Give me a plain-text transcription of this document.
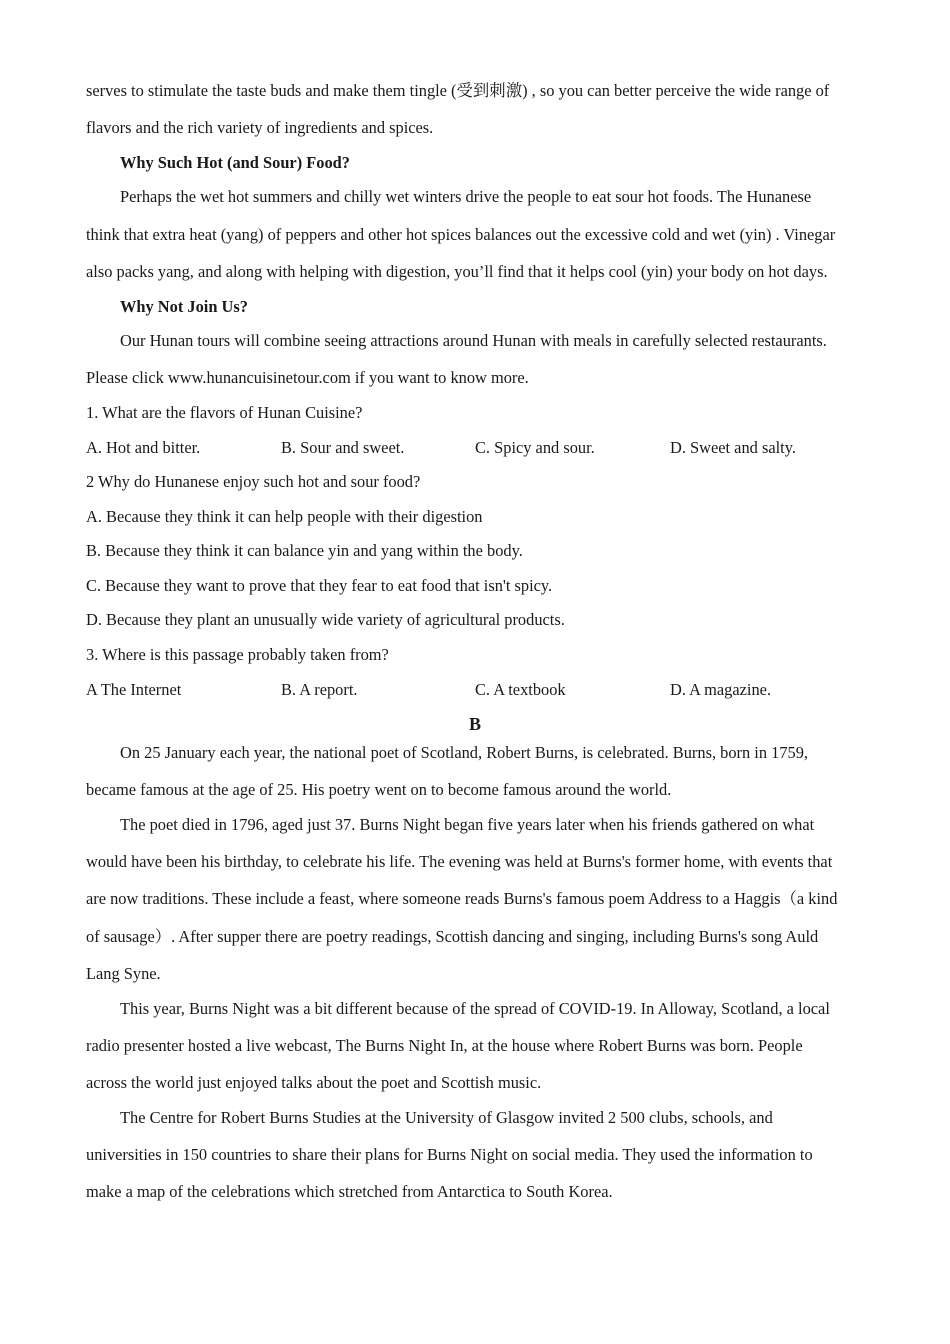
serves to stimulate the taste buds and make them tingle (受到刺激) , so you can better perceive the wide range of
flavors and the rich variety of ingredients and spices.
Why Such Hot (and Sour) Food?
Perhaps the wet hot summers and chilly wet winters drive the people to eat sour hot foods. The Hunanese
think that extra heat (yang) of peppers and other hot spices balances out the excessive cold and wet (yin) . Vinegar
also packs yang, and along with helping with digestion, you’ll find that it helps cool (yin) your body on hot days.
Why Not Join Us?
Our Hunan tours will combine seeing attractions around Hunan with meals in carefully selected restaurants.
Please click www.hunancuisinetour.com if you want to know more.
1. What are the flavors of Hunan Cuisine?
A. Hot and bitter.	B. Sour and sweet.	C. Spicy and sour.	D. Sweet and salty.
2 Why do Hunanese enjoy such hot and sour food?
A. Because they think it can help people with their digestion
B. Because they think it can balance yin and yang within the body.
C. Because they want to prove that they fear to eat food that isn't spicy.
D. Because they plant an unusually wide variety of agricultural products.
3. Where is this passage probably taken from?
A The Internet	B. A report.	C. A textbook	D. A magazine.
B
On 25 January each year, the national poet of Scotland, Robert Burns, is celebrated. Burns, born in 1759,
became famous at the age of 25. His poetry went on to become famous around the world.
The poet died in 1796, aged just 37. Burns Night began five years later when his friends gathered on what
would have been his birthday, to celebrate his life. The evening was held at Burns's former home, with events that
are now traditions. These include a feast, where someone reads Burns's famous poem Address to a Haggis（a kind
of sausage）. After supper there are poetry readings, Scottish dancing and singing, including Burns's song Auld
Lang Syne.
This year, Burns Night was a bit different because of the spread of COVID-19. In Alloway, Scotland, a local
radio presenter hosted a live webcast, The Burns Night In, at the house where Robert Burns was born. People
across the world just enjoyed talks about the poet and Scottish music.
The Centre for Robert Burns Studies at the University of Glasgow invited 2 500 clubs, schools, and
universities in 150 countries to share their plans for Burns Night on social media. They used the information to
make a map of the celebrations which stretched from Antarctica to South Korea.
